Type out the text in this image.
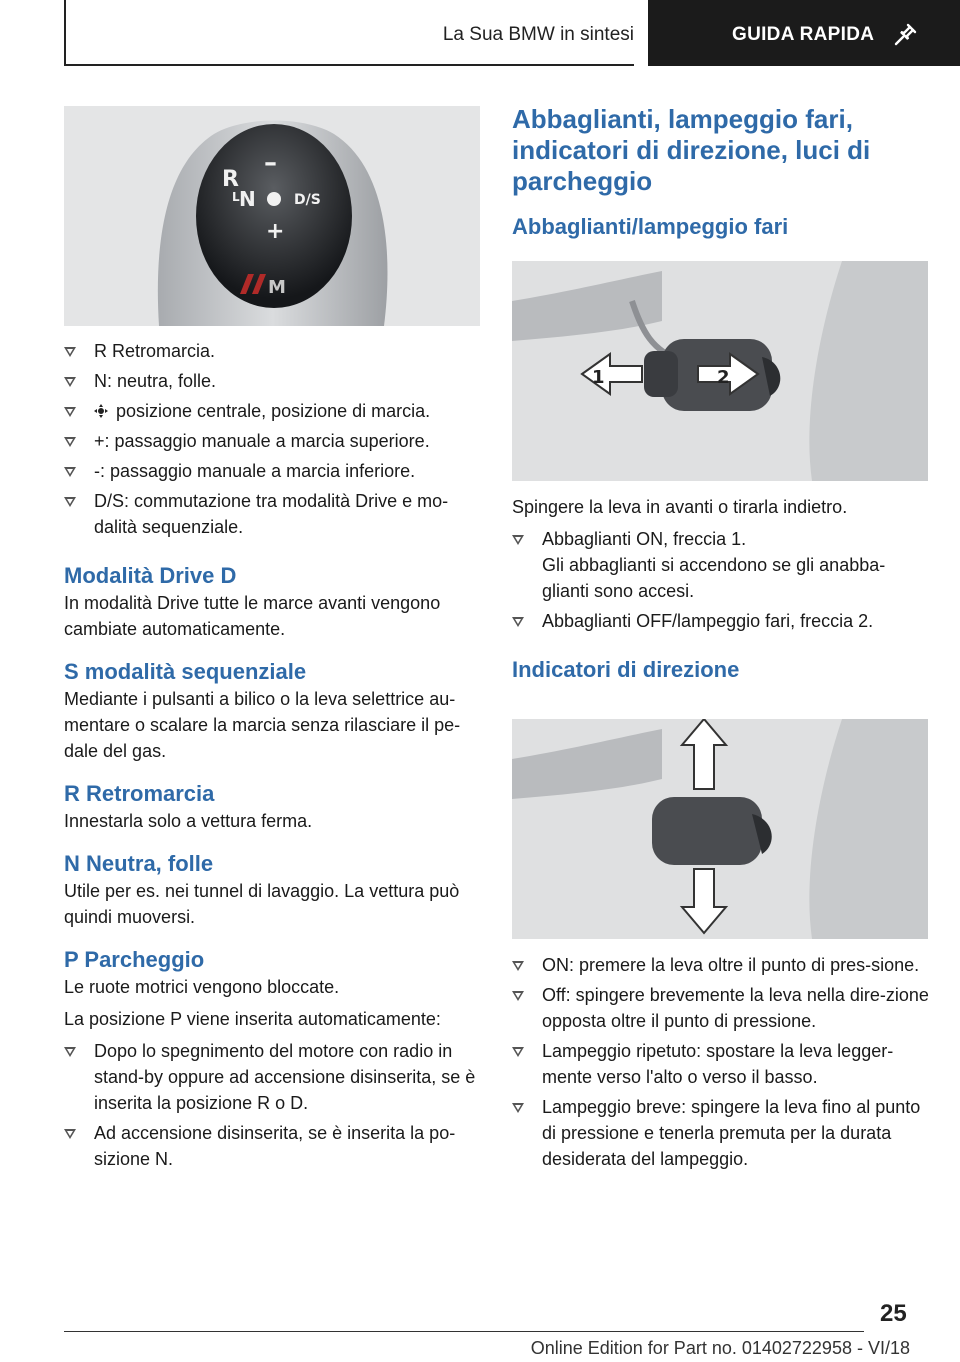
La Sua BMW in sintesi	GUIDA RAPIDA
R
–
N
L	D/S
+
M
R Retromarcia.
N: neutra, folle.
posizione centrale, posizione di marcia.
+: passaggio manuale a marcia superiore.
-: passaggio manuale a marcia inferiore.
D/S: commutazione tra modalità Drive e mo‐dalità sequenziale.

Modalità Drive D

In modalità Drive tutte le marce avanti vengono cambiate automaticamente.

S modalità sequenziale

Mediante i pulsanti a bilico o la leva selettrice au‐mentare o scalare la marcia senza rilasciare il pe‐dale del gas.

R Retromarcia

Innestarla solo a vettura ferma.

N Neutra, folle

Utile per es. nei tunnel di lavaggio. La vettura può quindi muoversi.

P Parcheggio

Le ruote motrici vengono bloccate.

La posizione P viene inserita automaticamente:

Dopo lo spegnimento del motore con radio in stand-by oppure ad accensione disinserita, se è inserita la posizione R o D.
Ad accensione disinserita, se è inserita la po‐sizione N.

Abbaglianti, lampeggio fari, indicatori di direzione, luci di parcheggio

Abbaglianti/lampeggio fari

1	2

Spingere la leva in avanti o tirarla indietro.

Abbaglianti ON, freccia 1.

Gli abbaglianti si accendono se gli anabba‐glianti sono accesi.

Abbaglianti OFF/lampeggio fari, freccia 2.

Indicatori di direzione

ON: premere la leva oltre il punto di pres‐sione.
Off: spingere brevemente la leva nella dire‐zione opposta oltre il punto di pressione.
Lampeggio ripetuto: spostare la leva legger‐mente verso l'alto o verso il basso.
Lampeggio breve: spingere la leva fino al punto di pressione e tenerla premuta per la durata desiderata del lampeggio.
25
Online Edition for Part no. 01402722958 - VI/18
